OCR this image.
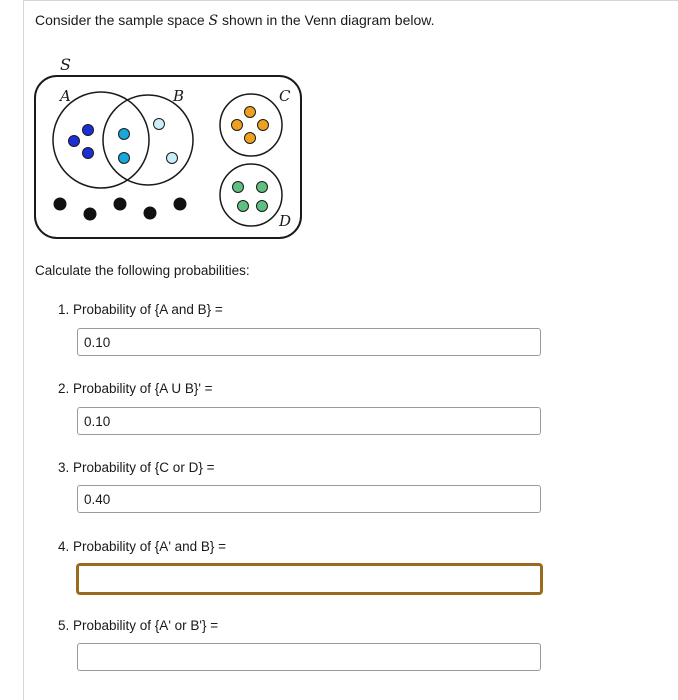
Consider the sample space S shown in the Venn diagram below.
S
A	B	C
D
Calculate the following probabilities:
1. Probability of {A and B} =
0.10
2. Probability of {A U B}' =
0.10
3. Probability of {C or D} =
0.40
4. Probability of {A' and B} =
5. Probability of {A' or B'} =
